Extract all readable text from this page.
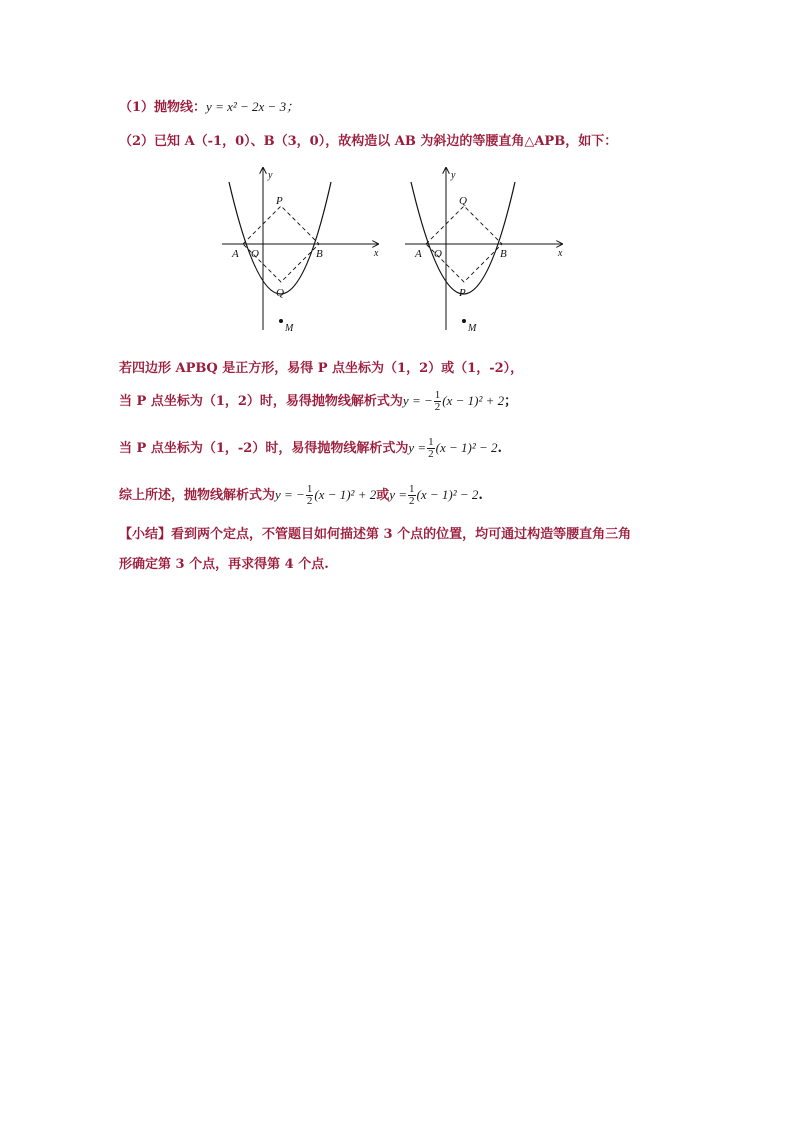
（1）抛物线：y = x² − 2x − 3；
（2）已知 A（-1，0）、B（3，0），故构造以 AB 为斜边的等腰直角△APB，如下：
y
x
A O	B
P
Q
M
y
x
A O	B
Q
P
M
若四边形 APBQ 是正方形，易得 P 点坐标为（1，2）或（1，-2），
当 P 点坐标为（1，2）时，易得抛物线解析式为y = − $\frac{1}{2} (x - 1)^2 + 2$；
当 P 点坐标为（1，-2）时，易得抛物线解析式为$y = \frac{1}{2} (x - 1)^2 - 2$.
综上所述，抛物线解析式为y = − $\frac{1}{2} (x - 1)^2 + 2$或$y = \frac{1}{2} (x - 1)^2 - 2$.
【小结】看到两个定点，不管题目如何描述第 3 个点的位置，均可通过构造等腰直角三角
形确定第 3 个点，再求得第 4 个点.
